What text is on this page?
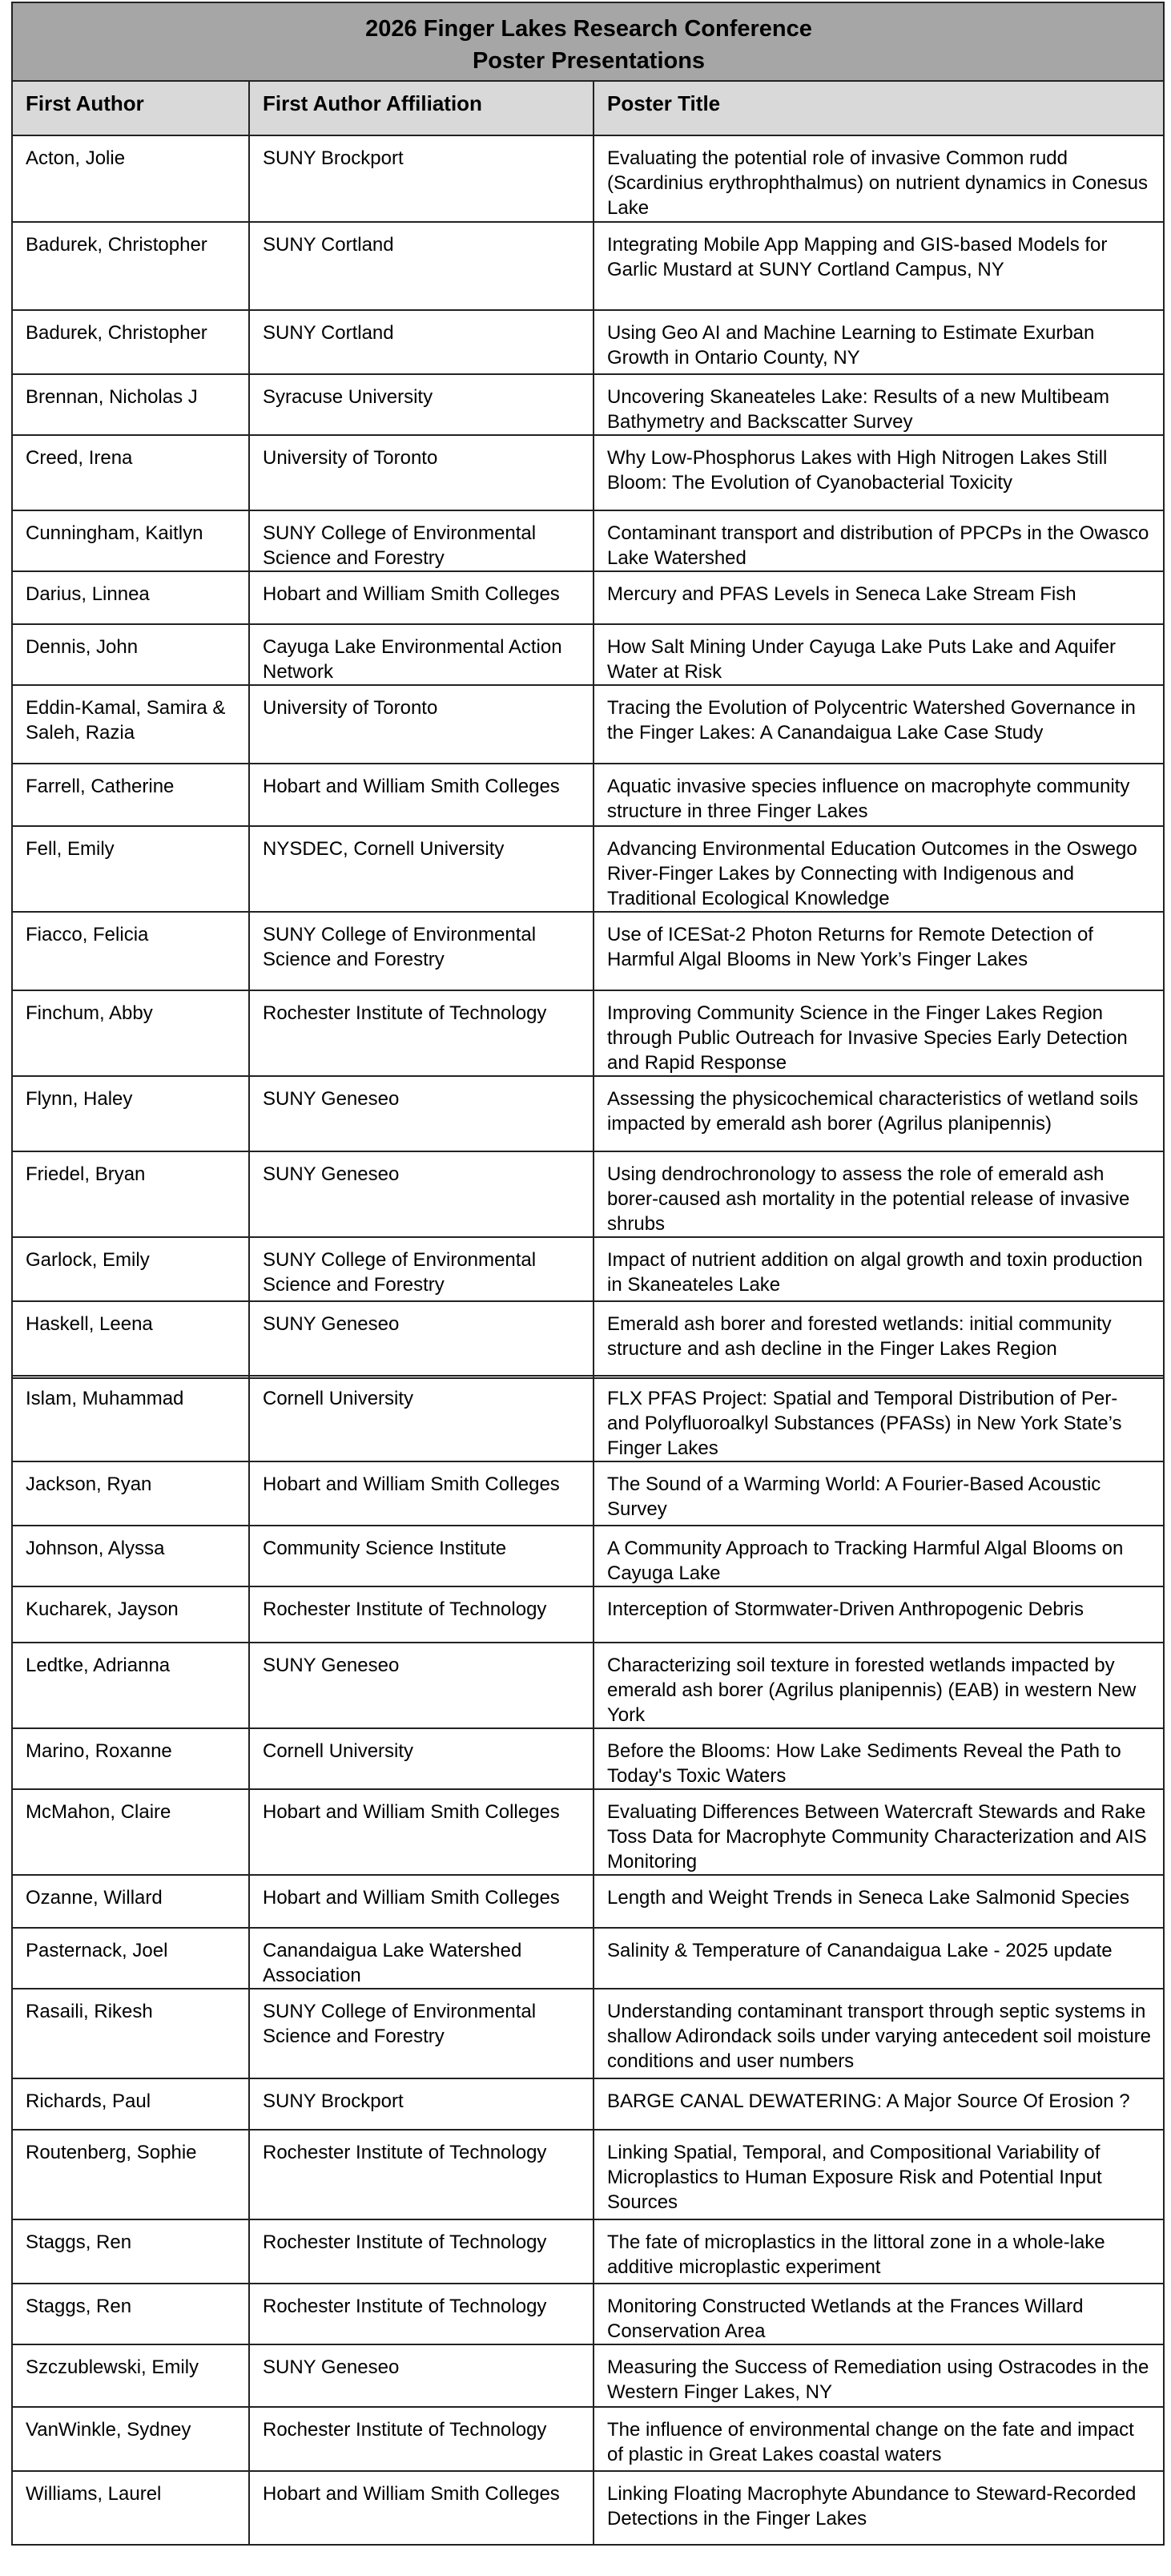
2026 Finger Lakes Research Conference
Poster Presentations		

First Author	First Author Affiliation	Poster Title

Acton, Jolie	SUNY Brockport	Evaluating the potential role of invasive Common rudd (Scardinius erythrophthalmus) on nutrient dynamics in Conesus Lake

Badurek, Christopher	SUNY Cortland	Integrating Mobile App Mapping and GIS-based Models for Garlic Mustard at SUNY Cortland Campus, NY

Badurek, Christopher	SUNY Cortland	Using Geo AI and Machine Learning to Estimate Exurban Growth in Ontario County, NY

Brennan, Nicholas J	Syracuse University	Uncovering Skaneateles Lake: Results of a new Multibeam Bathymetry and Backscatter Survey

Creed, Irena	University of Toronto	Why Low-Phosphorus Lakes with High Nitrogen Lakes Still Bloom: The Evolution of Cyanobacterial Toxicity

Cunningham, Kaitlyn	SUNY College of Environmental Science and Forestry	Contaminant transport and distribution of PPCPs in the Owasco Lake Watershed

Darius, Linnea	Hobart and William Smith Colleges	Mercury and PFAS Levels in Seneca Lake Stream Fish

Dennis, John	Cayuga Lake Environmental Action Network	How Salt Mining Under Cayuga Lake Puts Lake and Aquifer Water at Risk

Eddin-Kamal, Samira & Saleh, Razia	University of Toronto	Tracing the Evolution of Polycentric Watershed Governance in the Finger Lakes: A Canandaigua Lake Case Study

Farrell, Catherine	Hobart and William Smith Colleges	Aquatic invasive species influence on macrophyte community structure in three Finger Lakes

Fell, Emily	NYSDEC, Cornell University	Advancing Environmental Education Outcomes in the Oswego River-Finger Lakes by Connecting with Indigenous and Traditional Ecological Knowledge

Fiacco, Felicia	SUNY College of Environmental Science and Forestry	Use of ICESat-2 Photon Returns for Remote Detection of Harmful Algal Blooms in New York’s Finger Lakes

Finchum, Abby	Rochester Institute of Technology	Improving Community Science in the Finger Lakes Region through Public Outreach for Invasive Species Early Detection and Rapid Response

Flynn, Haley	SUNY Geneseo	Assessing the physicochemical characteristics of wetland soils impacted by emerald ash borer (Agrilus planipennis)

Friedel, Bryan	SUNY Geneseo	Using dendrochronology to assess the role of emerald ash borer-caused ash mortality in the potential release of invasive shrubs

Garlock, Emily	SUNY College of Environmental Science and Forestry	Impact of nutrient addition on algal growth and toxin production in Skaneateles Lake

Haskell, Leena	SUNY Geneseo	Emerald ash borer and forested wetlands: initial community structure and ash decline in the Finger Lakes Region
Islam, Muhammad	Cornell University	FLX PFAS Project: Spatial and Temporal Distribution of Per- and Polyfluoroalkyl Substances (PFASs) in New York State’s Finger Lakes

Jackson, Ryan	Hobart and William Smith Colleges	The Sound of a Warming World: A Fourier-Based Acoustic Survey

Johnson, Alyssa	Community Science Institute	A Community Approach to Tracking Harmful Algal Blooms on Cayuga Lake

Kucharek, Jayson	Rochester Institute of Technology	Interception of Stormwater-Driven Anthropogenic Debris

Ledtke, Adrianna	SUNY Geneseo	Characterizing soil texture in forested wetlands impacted by emerald ash borer (Agrilus planipennis) (EAB) in western New York

Marino, Roxanne	Cornell University	Before the Blooms: How Lake Sediments Reveal the Path to Today's Toxic Waters

McMahon, Claire	Hobart and William Smith Colleges	Evaluating Differences Between Watercraft Stewards and Rake Toss Data for Macrophyte Community Characterization and AIS Monitoring

Ozanne, Willard	Hobart and William Smith Colleges	Length and Weight Trends in Seneca Lake Salmonid Species

Pasternack, Joel	Canandaigua Lake Watershed Association	Salinity & Temperature of Canandaigua Lake - 2025 update

Rasaili, Rikesh	SUNY College of Environmental Science and Forestry	Understanding contaminant transport through septic systems in shallow Adirondack soils under varying antecedent soil moisture conditions and user numbers

Richards, Paul	SUNY Brockport	BARGE CANAL DEWATERING: A Major Source Of Erosion ?

Routenberg, Sophie	Rochester Institute of Technology	Linking Spatial, Temporal, and Compositional Variability of Microplastics to Human Exposure Risk and Potential Input Sources

Staggs, Ren	Rochester Institute of Technology	The fate of microplastics in the littoral zone in a whole-lake additive microplastic experiment

Staggs, Ren	Rochester Institute of Technology	Monitoring Constructed Wetlands at the Frances Willard Conservation Area

Szczublewski, Emily	SUNY Geneseo	Measuring the Success of Remediation using Ostracodes in the Western Finger Lakes, NY

VanWinkle, Sydney	Rochester Institute of Technology	The influence of environmental change on the fate and impact of plastic in Great Lakes coastal waters

Williams, Laurel	Hobart and William Smith Colleges	Linking Floating Macrophyte Abundance to Steward-Recorded Detections in the Finger Lakes
